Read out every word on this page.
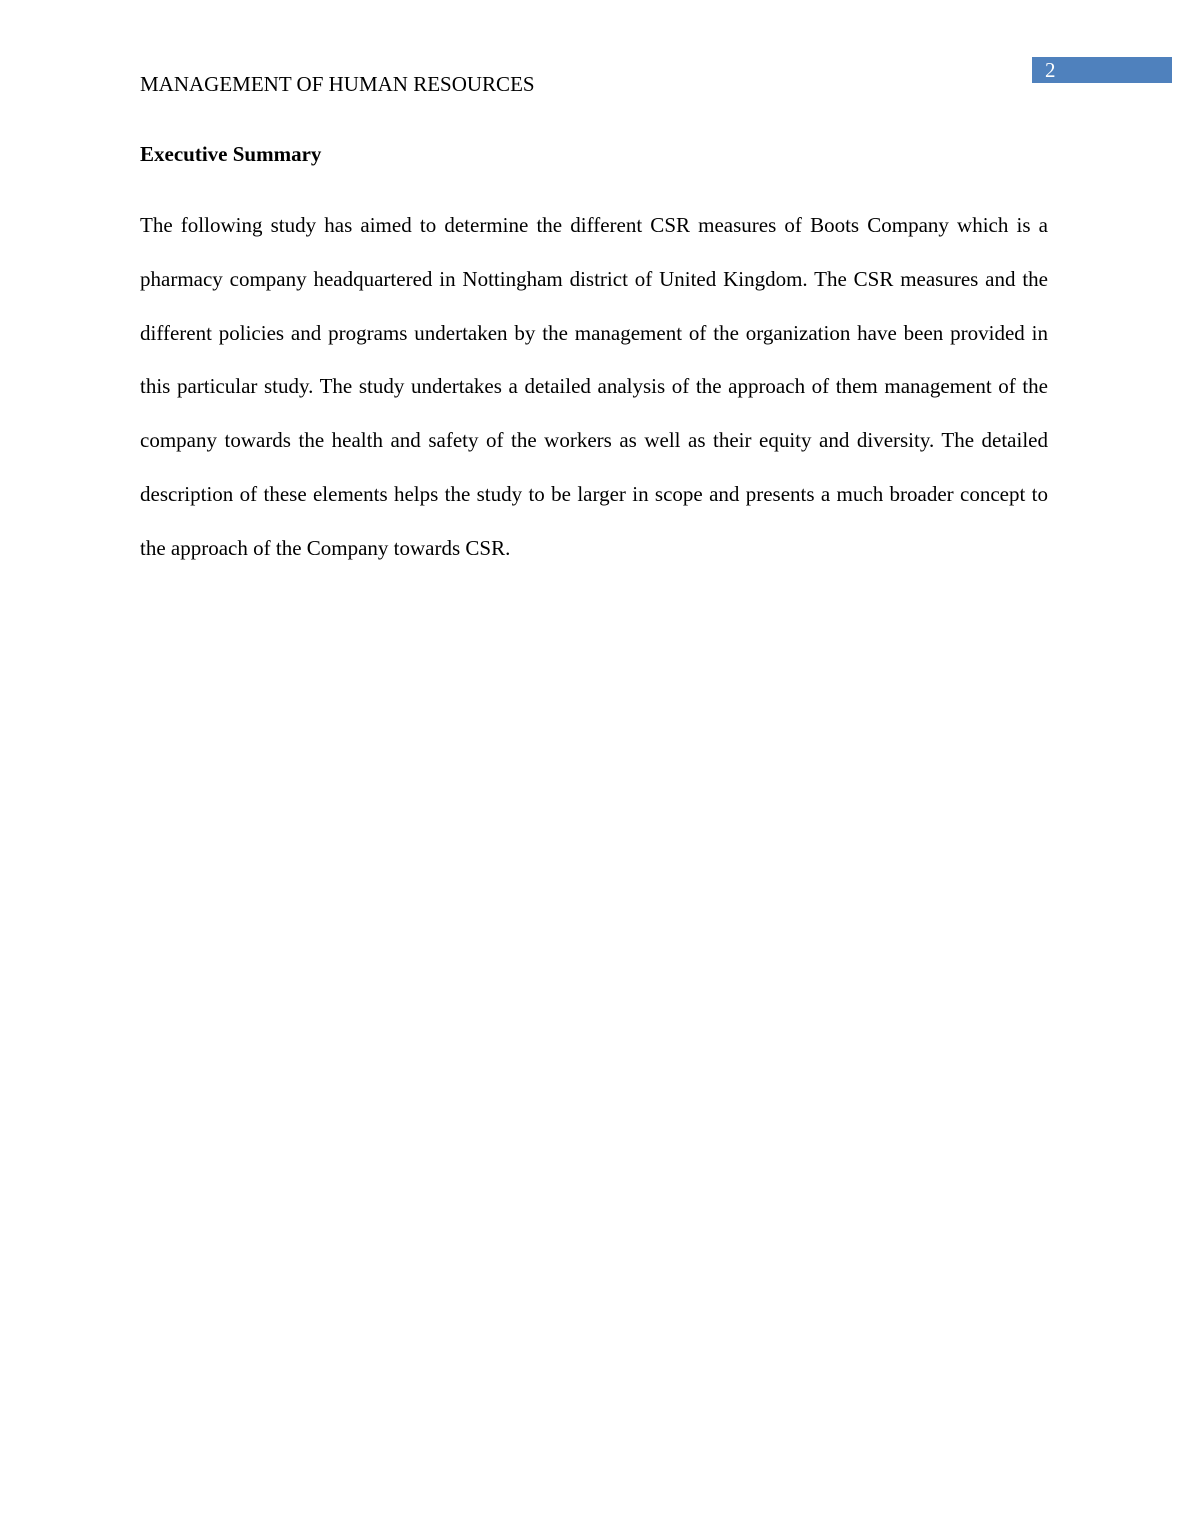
2
MANAGEMENT OF HUMAN RESOURCES
Executive Summary

The following study has aimed to determine the different CSR measures of Boots Company which is a pharmacy company headquartered in Nottingham district of United Kingdom. The CSR measures and the different policies and programs undertaken by the management of the organization have been provided in this particular study. The study undertakes a detailed analysis of the approach of them management of the company towards the health and safety of the workers as well as their equity and diversity. The detailed description of these elements helps the study to be larger in scope and presents a much broader concept to the approach of the Company towards CSR.
